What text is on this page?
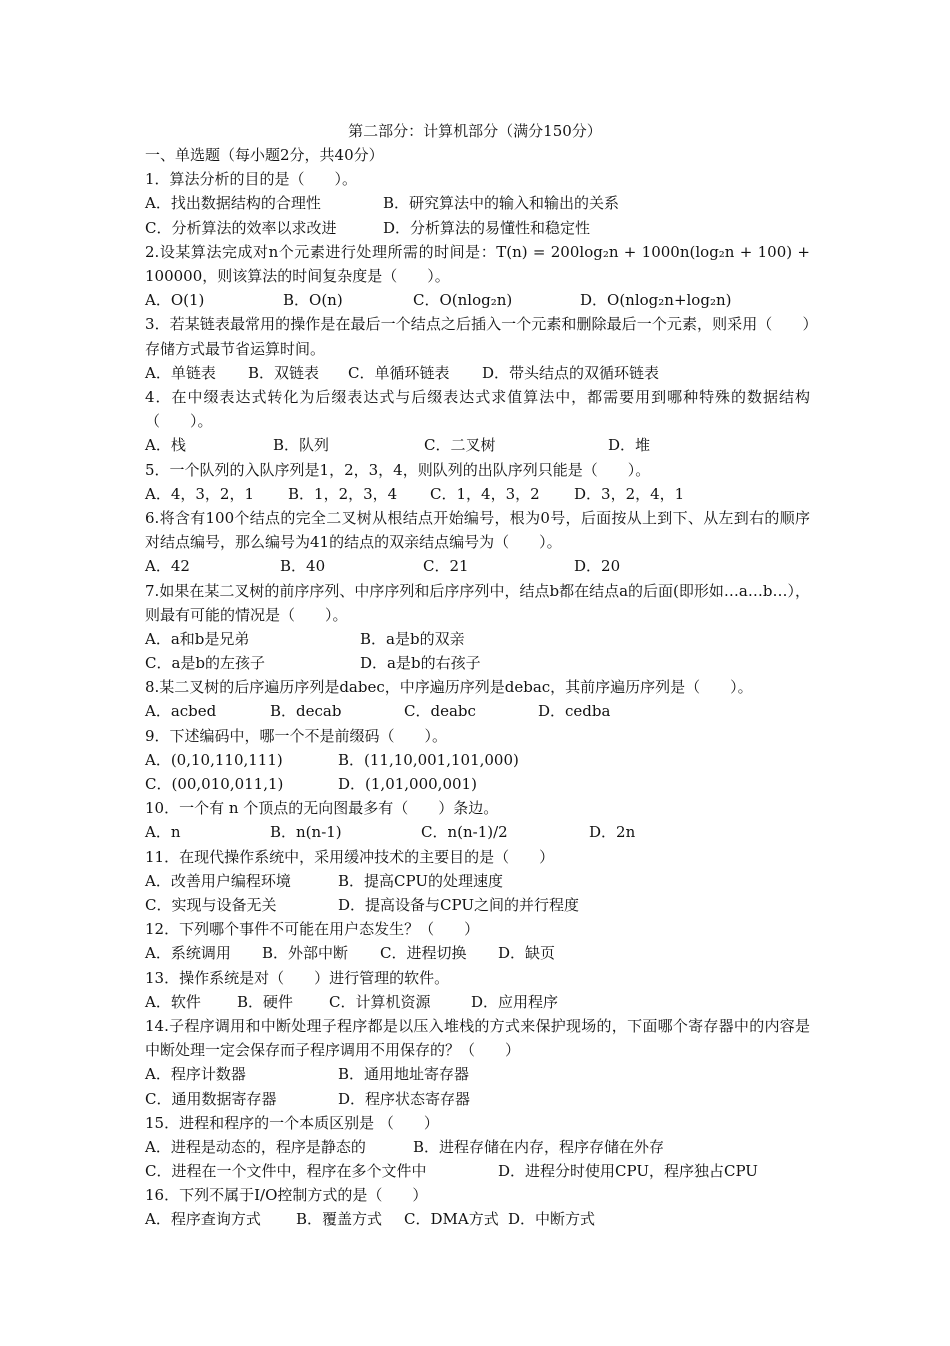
第二部分：计算机部分（满分150分）
一、单选题（每小题2分，共40分）
1．算法分析的目的是（　　）。
A．找出数据结构的合理性	B．研究算法中的输入和输出的关系
C．分析算法的效率以求改进	D．分析算法的易懂性和稳定性
2.设某算法完成对n个元素进行处理所需的时间是：T(n) = 200log₂n + 1000n(log₂n + 100) + 100000，则该算法的时间复杂度是（　　）。
A．O(1)	B．O(n)	C．O(nlog₂n)	D．O(nlog₂n+log₂n)
3．若某链表最常用的操作是在最后一个结点之后插入一个元素和删除最后一个元素，则采用（　　）存储方式最节省运算时间。
A．单链表	B．双链表	C．单循环链表	D．带头结点的双循环链表
4．在中缀表达式转化为后缀表达式与后缀表达式求值算法中，都需要用到哪种特殊的数据结构（　　）。
A．栈	B．队列	C．二叉树	D．堆
5．一个队列的入队序列是1，2，3，4，则队列的出队序列只能是（　　）。
A．4，3，2，1	B．1，2，3，4	C．1，4，3，2	D．3，2，4，1
6.将含有100个结点的完全二叉树从根结点开始编号，根为0号，后面按从上到下、从左到右的顺序对结点编号，那么编号为41的结点的双亲结点编号为（　　）。
A．42	B．40	C．21	D．20
7.如果在某二叉树的前序序列、中序序列和后序序列中，结点b都在结点a的后面(即形如…a…b…），则最有可能的情况是（　　）。
A．a和b是兄弟	B．a是b的双亲
C．a是b的左孩子	D．a是b的右孩子
8.某二叉树的后序遍历序列是dabec，中序遍历序列是debac，其前序遍历序列是（　　）。
A．acbed	B．decab	C．deabc	D．cedba
9．下述编码中，哪一个不是前缀码（　　）。
A．(0,10,110,111)	B．(11,10,001,101,000)
C．(00,010,011,1)	D．(1,01,000,001)
10．一个有 n 个顶点的无向图最多有（　　）条边。
A．n	B．n(n-1)	C．n(n-1)/2	D．2n
11．在现代操作系统中，采用缓冲技术的主要目的是（　　）
A．改善用户编程环境	B．提高CPU的处理速度
C．实现与设备无关	D．提高设备与CPU之间的并行程度
12．下列哪个事件不可能在用户态发生？（　　）
A．系统调用	B．外部中断	C．进程切换	D．缺页
13．操作系统是对（　　）进行管理的软件。
A．软件	B．硬件	C．计算机资源	D．应用程序
14.子程序调用和中断处理子程序都是以压入堆栈的方式来保护现场的，下面哪个寄存器中的内容是中断处理一定会保存而子程序调用不用保存的？（　　）
A．程序计数器	B．通用地址寄存器
C．通用数据寄存器	D．程序状态寄存器
15．进程和程序的一个本质区别是 （　　）
A．进程是动态的，程序是静态的	B．进程存储在内存，程序存储在外存
C．进程在一个文件中，程序在多个文件中	D．进程分时使用CPU，程序独占CPU
16．下列不属于I/O控制方式的是（　　）
A．程序查询方式	B．覆盖方式	C．DMA方式 D．中断方式
